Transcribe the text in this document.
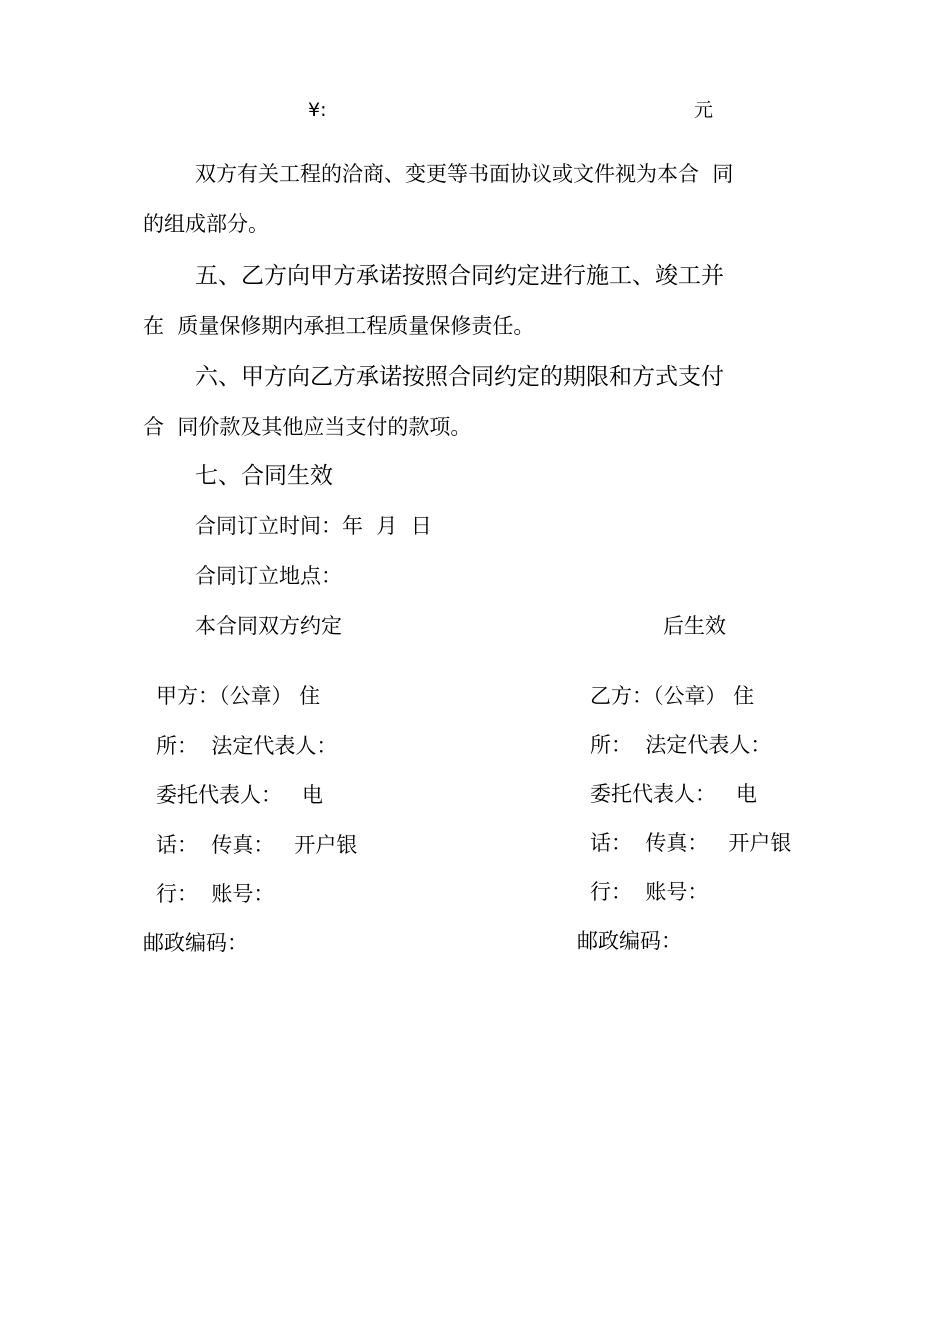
¥:	元
双方有关工程的洽商、变更等书面协议或文件视为本合  同
的组成部分。
五、乙方向甲方承诺按照合同约定进行施工、竣工并
在  质量保修期内承担工程质量保修责任。
六、甲方向乙方承诺按照合同约定的期限和方式支付
合  同价款及其他应当支付的款项。
七、合同生效
合同订立时间：年  月  日
合同订立地点：
本合同双方约定	后生效
甲方：（公章） 住
所：  法定代表人：
委托代表人：   电
话：  传真：   开户银
行：  账号：
邮政编码：
乙方：（公章） 住
所：  法定代表人：
委托代表人：   电
话：  传真：   开户银
行：  账号：
邮政编码：
